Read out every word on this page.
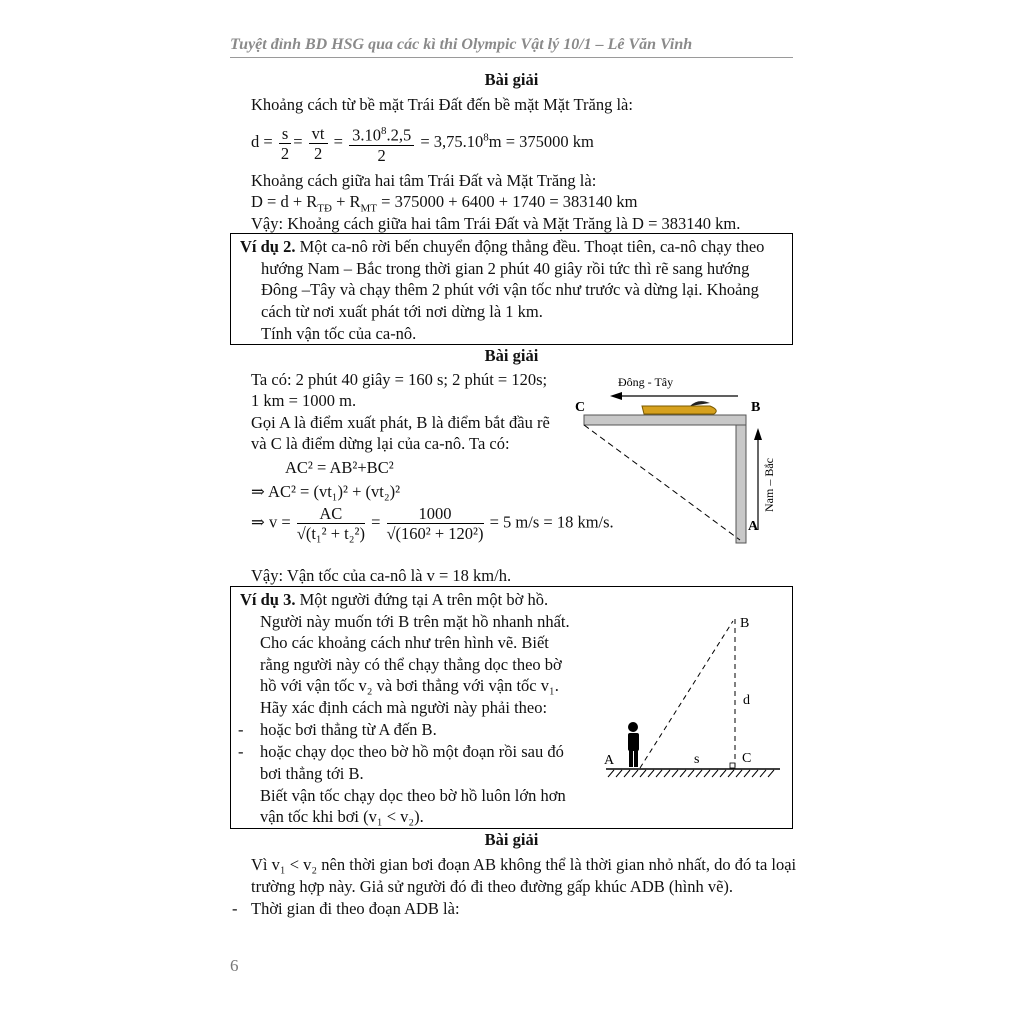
Tuyệt đỉnh BD HSG qua các kì thi Olympic Vật lý 10/1 – Lê Văn Vinh
Bài giải
Khoảng cách từ bề mặt Trái Đất đến bề mặt Mặt Trăng là:
$d = \frac{s}{2} = \frac{vt}{2} = \frac{3.10^8.2,5}{2} = 3,75.10^8m = 375000$ km
Khoảng cách giữa hai tâm Trái Đất và Mặt Trăng là:
$D = d + R_{TĐ} + R_{MT} = 375000 + 6400 + 1740 = 383140$ km
Vậy: Khoảng cách giữa hai tâm Trái Đất và Mặt Trăng là D = 383140 km.
Ví dụ 2. Một ca-nô rời bến chuyển động thẳng đều. Thoạt tiên, ca-nô chạy theo
hướng Nam – Bắc trong thời gian 2 phút 40 giây rồi tức thì rẽ sang hướng
Đông –Tây và chạy thêm 2 phút với vận tốc như trước và dừng lại. Khoảng
cách từ nơi xuất phát tới nơi dừng là 1 km.
Tính vận tốc của ca-nô.
Bài giải
Ta có: 2 phút 40 giây = 160 s; 2 phút = 120s;
1 km = 1000 m.
Gọi A là điểm xuất phát, B là điểm bắt đầu rẽ
và C là điểm dừng lại của ca-nô. Ta có:
AC² = AB²+BC²
⇒ AC² = (vt₁)² + (vt₂)²
⇒ $v = \frac{AC}{\text{√(t₁² + t₂²)}} = \frac{1000}{\text{√(160² + 120²)}} = 5$ m/s = 18 km/s.
Vậy: Vận tốc của ca-nô là v = 18 km/h.
Đông - Tây
C	B
Nam – Bắc
A
Ví dụ 3. Một người đứng tại A trên một bờ hồ.
Người này muốn tới B trên mặt hồ nhanh nhất.
Cho các khoảng cách như trên hình vẽ. Biết
rằng người này có thể chạy thẳng dọc theo bờ
hồ với vận tốc v₂ và bơi thẳng với vận tốc v₁.
Hãy xác định cách mà người này phải theo:
- hoặc bơi thẳng từ A đến B.
- hoặc chạy dọc theo bờ hồ một đoạn rồi sau đó
bơi thẳng tới B.
Biết vận tốc chạy dọc theo bờ hồ luôn lớn hơn
vận tốc khi bơi (v₁ < v₂).
B
d
A	s	C
Bài giải
Vì v₁ < v₂ nên thời gian bơi đoạn AB không thể là thời gian nhỏ nhất, do đó ta loại
trường hợp này. Giả sử người đó đi theo đường gấp khúc ADB (hình vẽ).
- Thời gian đi theo đoạn ADB là:
6
